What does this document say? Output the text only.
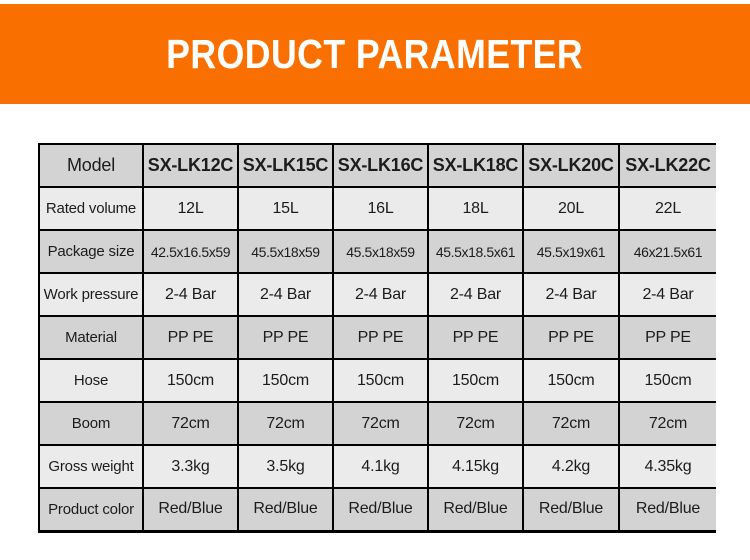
PRODUCT PARAMETER
Model	SX-LK12C	SX-LK15C	SX-LK16C	SX-LK18C	SX-LK20C	SX-LK22C
Rated volume	12L	15L	16L	18L	20L	22L
Package size	42.5x16.5x59	45.5x18x59	45.5x18x59	45.5x18.5x61	45.5x19x61	46x21.5x61
Work pressure	2-4 Bar	2-4 Bar	2-4 Bar	2-4 Bar	2-4 Bar	2-4 Bar
Material	PP PE	PP PE	PP PE	PP PE	PP PE	PP PE
Hose	150cm	150cm	150cm	150cm	150cm	150cm
Boom	72cm	72cm	72cm	72cm	72cm	72cm
Gross weight	3.3kg	3.5kg	4.1kg	4.15kg	4.2kg	4.35kg
Product color	Red/Blue	Red/Blue	Red/Blue	Red/Blue	Red/Blue	Red/Blue
